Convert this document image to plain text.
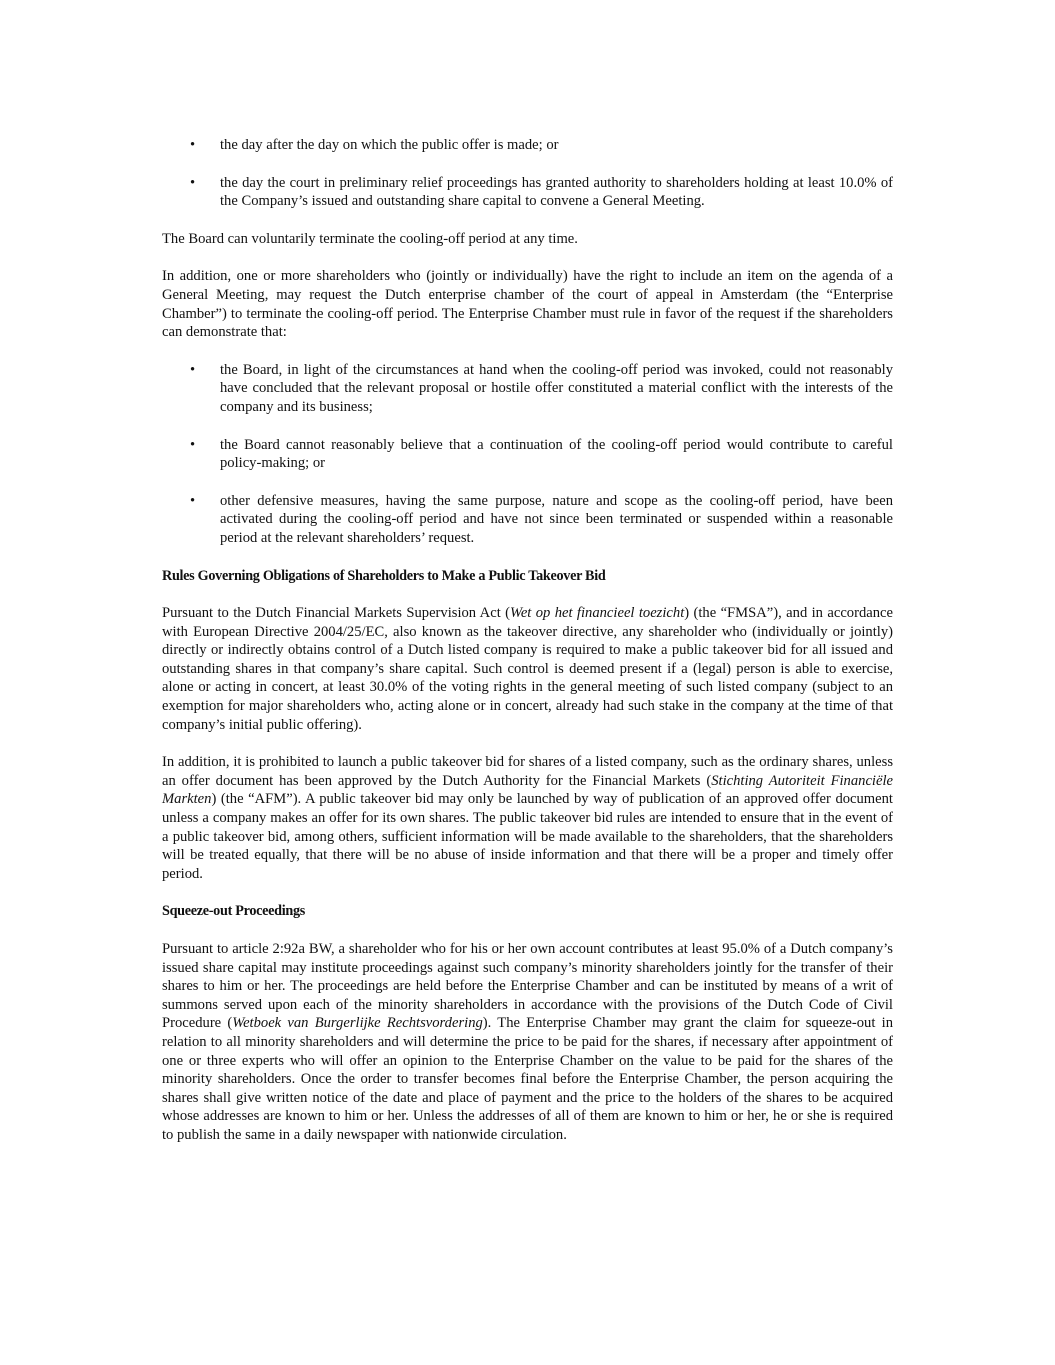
• the day after the day on which the public offer is made; or
• the day the court in preliminary relief proceedings has granted authority to shareholders holding at least 10.0% of the Company’s issued and outstanding share capital to convene a General Meeting.

The Board can voluntarily terminate the cooling-off period at any time.

In addition, one or more shareholders who (jointly or individually) have the right to include an item on the agenda of a General Meeting, may request the Dutch enterprise chamber of the court of appeal in Amsterdam (the “Enterprise Chamber”) to terminate the cooling-off period. The Enterprise Chamber must rule in favor of the request if the shareholders can demonstrate that:

• the Board, in light of the circumstances at hand when the cooling-off period was invoked, could not reasonably have concluded that the relevant proposal or hostile offer constituted a material conflict with the interests of the company and its business;
• the Board cannot reasonably believe that a continuation of the cooling-off period would contribute to careful policy-making; or
• other defensive measures, having the same purpose, nature and scope as the cooling-off period, have been activated during the cooling-off period and have not since been terminated or suspended within a reasonable period at the relevant shareholders’ request.
Rules Governing Obligations of Shareholders to Make a Public Takeover Bid

Pursuant to the Dutch Financial Markets Supervision Act (Wet op het financieel toezicht) (the “FMSA”), and in accordance with European Directive 2004/25/EC, also known as the takeover directive, any shareholder who (individually or jointly) directly or indirectly obtains control of a Dutch listed company is required to make a public takeover bid for all issued and outstanding shares in that company’s share capital. Such control is deemed present if a (legal) person is able to exercise, alone or acting in concert, at least 30.0% of the voting rights in the general meeting of such listed company (subject to an exemption for major shareholders who, acting alone or in concert, already had such stake in the company at the time of that company’s initial public offering).

In addition, it is prohibited to launch a public takeover bid for shares of a listed company, such as the ordinary shares, unless an offer document has been approved by the Dutch Authority for the Financial Markets (Stichting Autoriteit Financiële Markten) (the “AFM”). A public takeover bid may only be launched by way of publication of an approved offer document unless a company makes an offer for its own shares. The public takeover bid rules are intended to ensure that in the event of a public takeover bid, among others, sufficient information will be made available to the shareholders, that the shareholders will be treated equally, that there will be no abuse of inside information and that there will be a proper and timely offer period.

Squeeze-out Proceedings

Pursuant to article 2:92a BW, a shareholder who for his or her own account contributes at least 95.0% of a Dutch company’s issued share capital may institute proceedings against such company’s minority shareholders jointly for the transfer of their shares to him or her. The proceedings are held before the Enterprise Chamber and can be instituted by means of a writ of summons served upon each of the minority shareholders in accordance with the provisions of the Dutch Code of Civil Procedure (Wetboek van Burgerlijke Rechtsvordering). The Enterprise Chamber may grant the claim for squeeze-out in relation to all minority shareholders and will determine the price to be paid for the shares, if necessary after appointment of one or three experts who will offer an opinion to the Enterprise Chamber on the value to be paid for the shares of the minority shareholders. Once the order to transfer becomes final before the Enterprise Chamber, the person acquiring the shares shall give written notice of the date and place of payment and the price to the holders of the shares to be acquired whose addresses are known to him or her. Unless the addresses of all of them are known to him or her, he or she is required to publish the same in a daily newspaper with nationwide circulation.
